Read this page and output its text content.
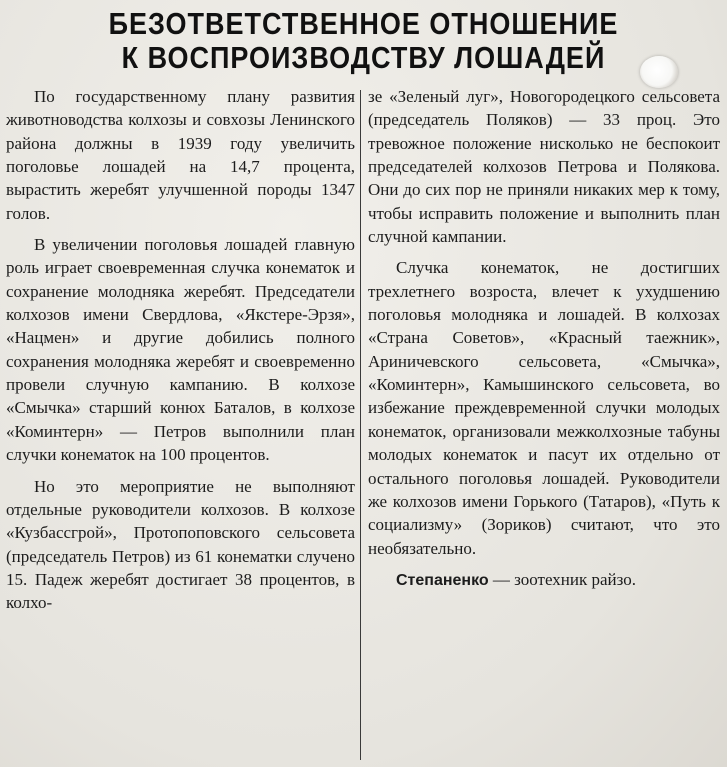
БЕЗОТВЕТСТВЕННОЕ ОТНОШЕНИЕ
К ВОСПРОИЗВОДСТВУ ЛОШАДЕЙ

По государственному плану развития животноводства колхозы и совхозы Ленинского района должны в 1939 году увеличить поголовье лошадей на 14,7 процента, вырастить жеребят улучшенной породы 1347 голов.

В увеличении поголовья лошадей главную роль играет своевременная случка конематок и сохранение молодняка жеребят. Председатели колхозов имени Свердлова, «Якстере-Эрзя», «Нацмен» и другие добились полного сохранения молодняка жеребят и своевременно провели случную кампанию. В колхозе «Смычка» старший конюх Баталов, в колхозе «Коминтерн» — Петров выполнили план случки конематок на 100 процентов.

Но это мероприятие не выполняют отдельные руководители колхозов. В колхозе «Кузбассгрой», Протопоповского сельсовета (председатель Петров) из 61 конематки случено 15. Падеж жеребят достигает 38 процентов, в колхо-

зе «Зеленый луг», Новогородецкого сельсовета (председатель Поляков) — 33 проц. Это тревожное положение нисколько не беспокоит председателей колхозов Петрова и Полякова. Они до сих пор не приняли никаких мер к тому, чтобы исправить положение и выполнить план случной кампании.

Случка конематок, не достигших трехлетнего возроста, влечет к ухудшению поголовья молодняка и лошадей. В колхозах «Страна Советов», «Красный таежник», Ариничевского сельсовета, «Смычка», «Коминтерн», Камышинского сельсовета, во избежание преждевременной случки молодых конематок, организовали межколхозные табуны молодых конематок и пасут их отдельно от остального поголовья лошадей. Руководители же колхозов имени Горького (Татаров), «Путь к социализму» (Зориков) считают, что это необязательно.

Степаненко — зоотехник райзо.
